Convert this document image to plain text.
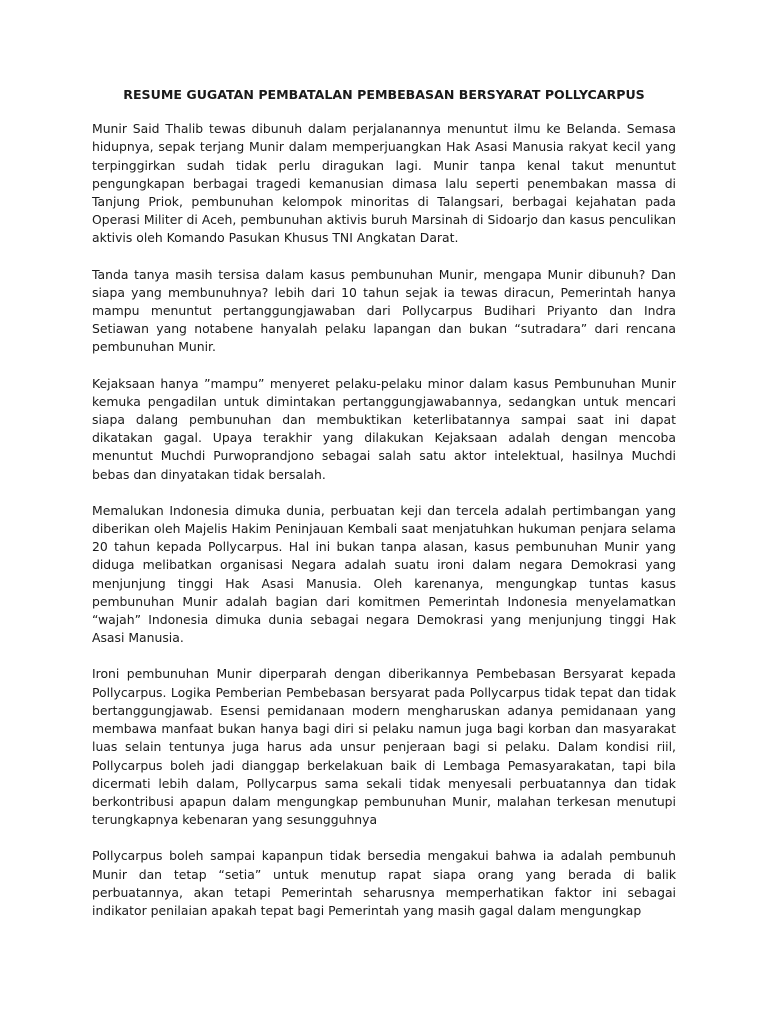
RESUME GUGATAN PEMBATALAN PEMBEBASAN BERSYARAT POLLYCARPUS

Munir Said Thalib tewas dibunuh dalam perjalanannya menuntut ilmu ke Belanda. Semasa hidupnya, sepak terjang Munir dalam memperjuangkan Hak Asasi Manusia rakyat kecil yang terpinggirkan sudah tidak perlu diragukan lagi. Munir tanpa kenal takut menuntut pengungkapan berbagai tragedi kemanusian dimasa lalu seperti penembakan massa di Tanjung Priok, pembunuhan kelompok minoritas di Talangsari, berbagai kejahatan pada Operasi Militer di Aceh, pembunuhan aktivis buruh Marsinah di Sidoarjo dan kasus penculikan aktivis oleh Komando Pasukan Khusus TNI Angkatan Darat.

Tanda tanya masih tersisa dalam kasus pembunuhan Munir, mengapa Munir dibunuh? Dan siapa yang membunuhnya? lebih dari 10 tahun sejak ia tewas diracun, Pemerintah hanya mampu menuntut pertanggungjawaban dari Pollycarpus Budihari Priyanto dan Indra Setiawan yang notabene hanyalah pelaku lapangan dan bukan “sutradara” dari rencana pembunuhan Munir.

Kejaksaan hanya ”mampu” menyeret pelaku-pelaku minor dalam kasus Pembunuhan Munir kemuka pengadilan untuk dimintakan pertanggungjawabannya, sedangkan untuk mencari siapa dalang pembunuhan dan membuktikan keterlibatannya sampai saat ini dapat dikatakan gagal. Upaya terakhir yang dilakukan Kejaksaan adalah dengan mencoba menuntut Muchdi Purwoprandjono sebagai salah satu aktor intelektual, hasilnya Muchdi bebas dan dinyatakan tidak bersalah.

Memalukan Indonesia dimuka dunia, perbuatan keji dan tercela adalah pertimbangan yang diberikan oleh Majelis Hakim Peninjauan Kembali saat menjatuhkan hukuman penjara selama 20 tahun kepada Pollycarpus. Hal ini bukan tanpa alasan, kasus pembunuhan Munir yang diduga melibatkan organisasi Negara adalah suatu ironi dalam negara Demokrasi yang menjunjung tinggi Hak Asasi Manusia. Oleh karenanya, mengungkap tuntas kasus pembunuhan Munir adalah bagian dari komitmen Pemerintah Indonesia menyelamatkan “wajah” Indonesia dimuka dunia sebagai negara Demokrasi yang menjunjung tinggi Hak Asasi Manusia.

Ironi pembunuhan Munir diperparah dengan diberikannya Pembebasan Bersyarat kepada Pollycarpus. Logika Pemberian Pembebasan bersyarat pada Pollycarpus tidak tepat dan tidak bertanggungjawab. Esensi pemidanaan modern mengharuskan adanya pemidanaan yang membawa manfaat bukan hanya bagi diri si pelaku namun juga bagi korban dan masyarakat luas selain tentunya juga harus ada unsur penjeraan bagi si pelaku. Dalam kondisi riil, Pollycarpus boleh jadi dianggap berkelakuan baik di Lembaga Pemasyarakatan, tapi bila dicermati lebih dalam, Pollycarpus sama sekali tidak menyesali perbuatannya dan tidak berkontribusi apapun dalam mengungkap pembunuhan Munir, malahan terkesan menutupi terungkapnya kebenaran yang sesungguhnya

Pollycarpus boleh sampai kapanpun tidak bersedia mengakui bahwa ia adalah pembunuh Munir dan tetap “setia” untuk menutup rapat siapa orang yang berada di balik perbuatannya, akan tetapi Pemerintah seharusnya memperhatikan faktor ini sebagai indikator penilaian apakah tepat bagi Pemerintah yang masih gagal dalam mengungkap
